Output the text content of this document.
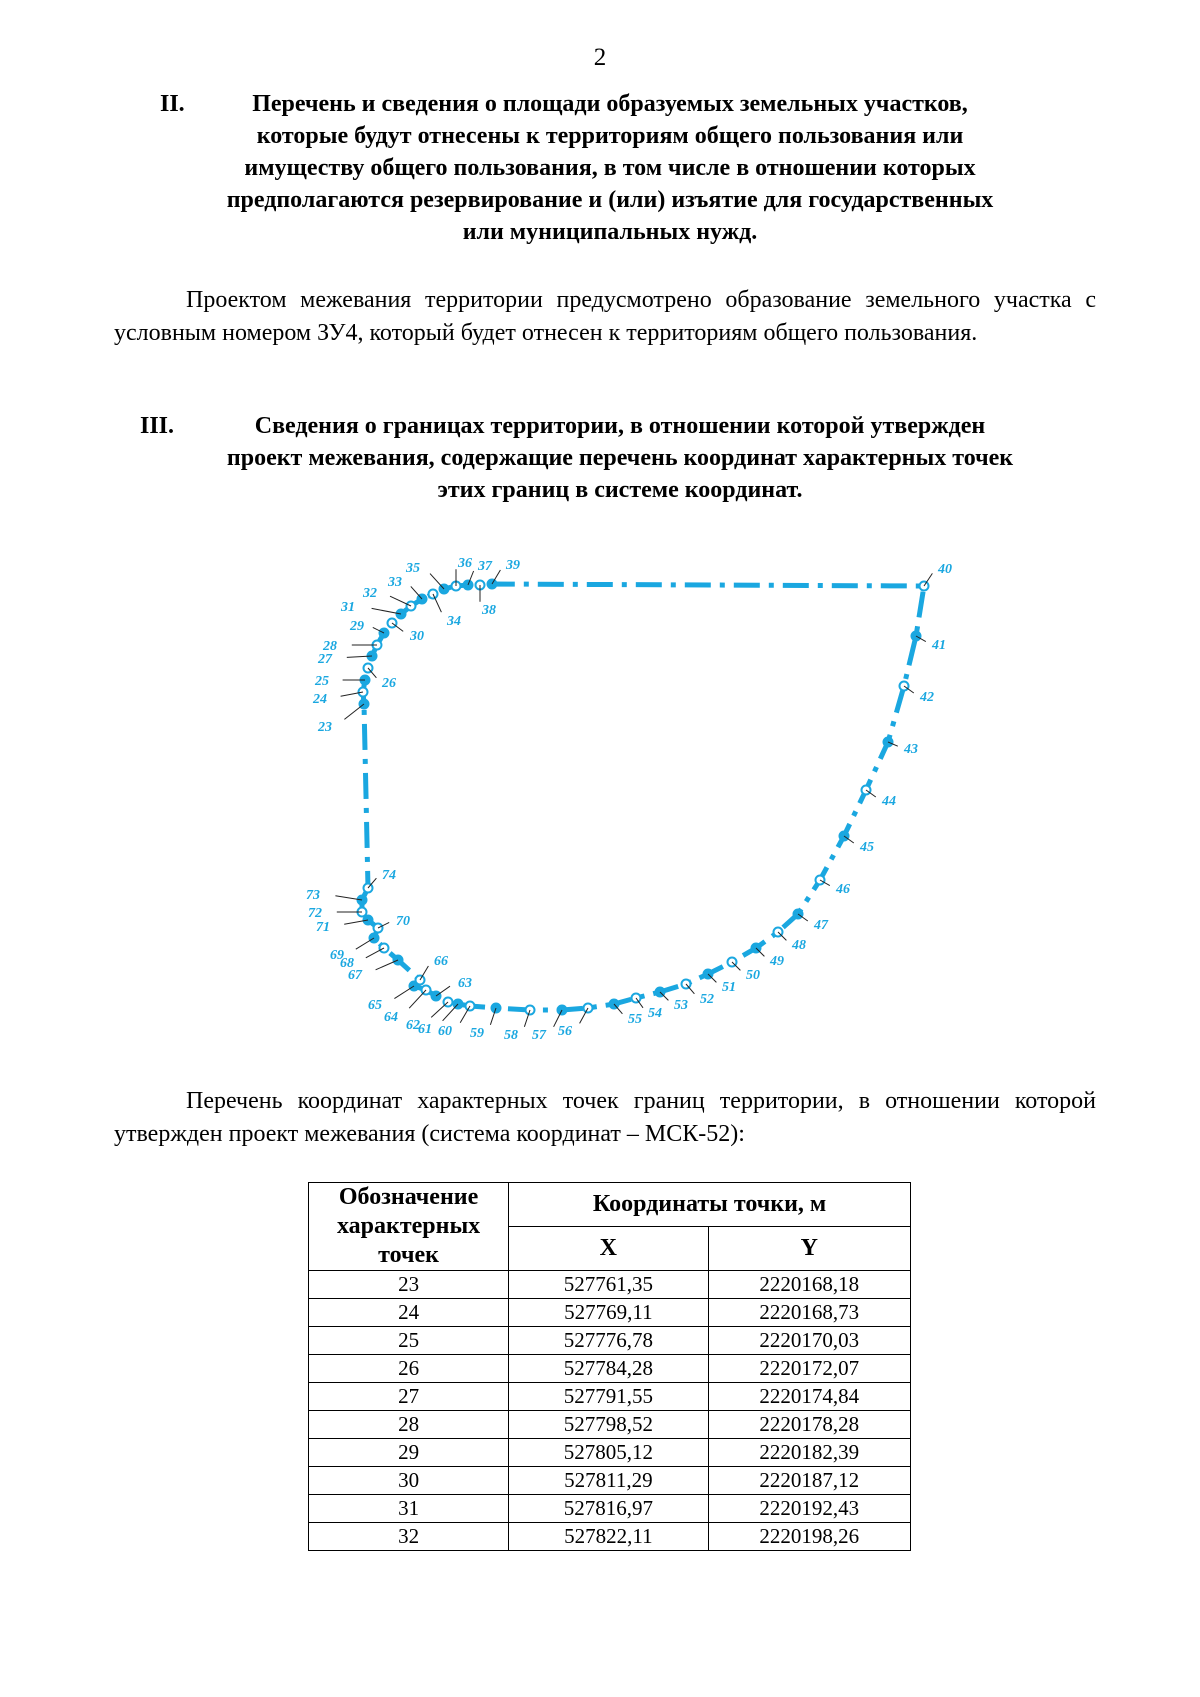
2
II.	Перечень и сведения о площади образуемых земельных участков,
которые будут отнесены к территориям общего пользования или
имуществу общего пользования, в том числе в отношении которых
предполагаются резервирование и (или) изъятие для государственных
или муниципальных нужд.
Проектом межевания территории предусмотрено образование земельного участка с условным номером ЗУ4, который будет отнесен к территориям общего пользования.
III.	Сведения о границах территории, в отношении которой утвержден
проект межевания, содержащие перечень координат характерных точек
этих границ в системе координат.
23
24
25	26
27
28
29
30
31
32
33
34
35	36 37
38
39	40
41
42
43
44
45
46
47
48
49
50
51
52
53
54
55
56
57
58
59
60
61
62
63
64
65
66
67
68
69
70
71
72
73
74
Перечень координат характерных точек границ территории, в отношении которой утвержден проект межевания (система координат – МСК-52):
Обозначение характерных точек	Координаты точки, м	
	X	Y
23	527761,35	2220168,18
24	527769,11	2220168,73
25	527776,78	2220170,03
26	527784,28	2220172,07
27	527791,55	2220174,84
28	527798,52	2220178,28
29	527805,12	2220182,39
30	527811,29	2220187,12
31	527816,97	2220192,43
32	527822,11	2220198,26
